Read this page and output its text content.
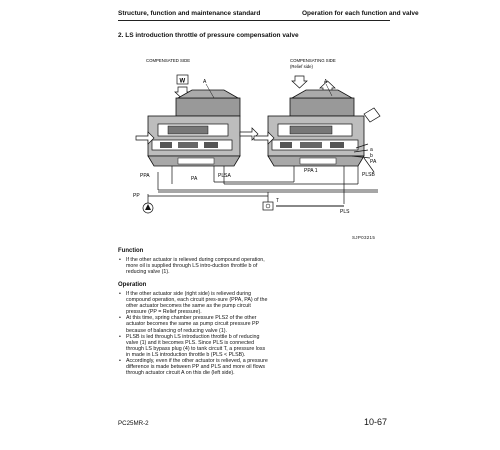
Structure, function and maintenance standard	Operation for each function and valve
2. LS introduction throttle of pressure compensation valve
COMPENSATED SIDE	COMPENSATING SIDE
(Relief side)
W	A	A
PPA	PA	PLSA
PP
T
a
b
PA
PPA 1
PLSB
PLS
SJP03215
Function
• If the other actuator is relieved during compound operation, more oil is supplied through LS intro-duction throttle b of reducing valve (1).
Operation
• If the other actuator side (right side) is relieved during compound operation, each circuit pres-sure (PPA, PA) of the other actuator becomes the same as the pump circuit pressure (PP = Relief pressure).
• At this time, spring chamber pressure PLS2 of the other actuator becomes the same as pump circuit pressure PP because of balancing of reducing valve (1).
• PLSB is led through LS introduction throttle b of reducing valve (1) and it becomes PLS. Since PLS is connected through LS bypass plug (4) to tank circuit T, a pressure loss in made in LS introduction throttle b (PLS < PLSB).
• Accordingly, even if the other actuator is relieved, a pressure difference is made between PP and PLS and more oil flows through actuator circuit A on this die (left side).
PC25MR-2	10-67
